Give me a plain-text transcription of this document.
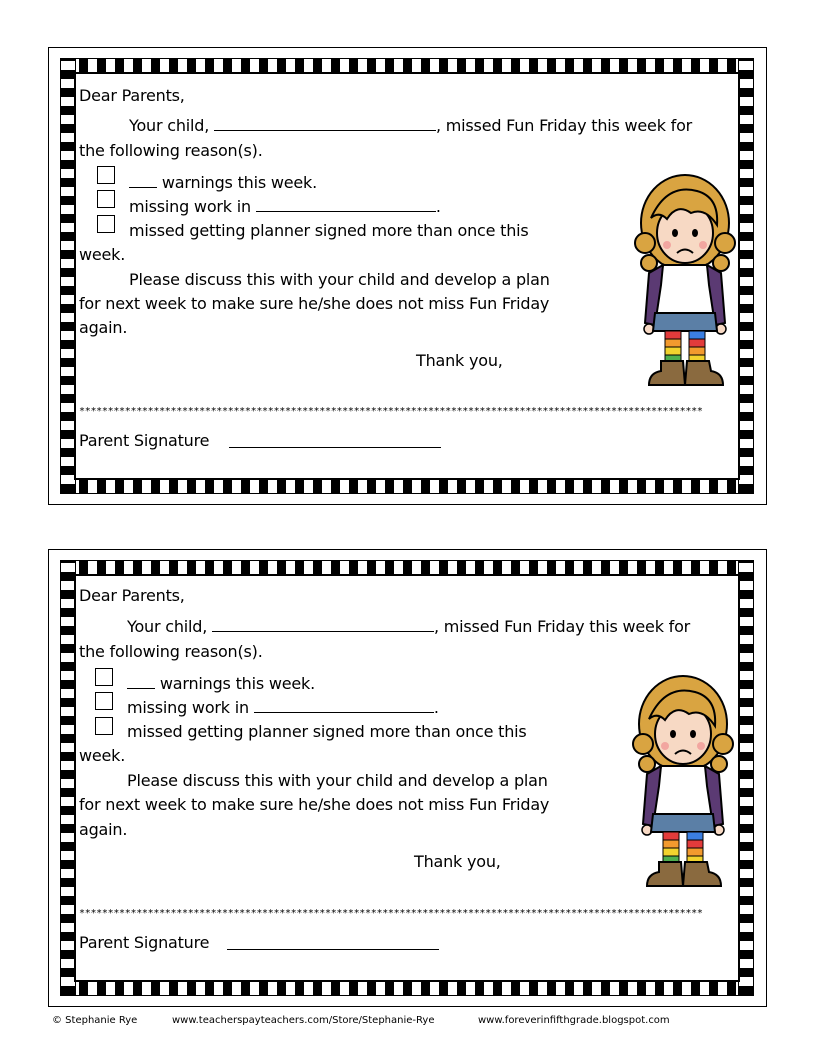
Dear Parents,
Your child,	, missed Fun Friday this week for
the following reason(s).
warnings this week.
missing work in	.
missed getting planner signed more than once this
week.
Please discuss this with your child and develop a plan
for next week to make sure he/she does not miss Fun Friday
again.
Thank you,
*************************************************************************************************************
Parent Signature
Dear Parents,
Your child,	, missed Fun Friday this week for
the following reason(s).
warnings this week.
missing work in	.
missed getting planner signed more than once this
week.
Please discuss this with your child and develop a plan
for next week to make sure he/she does not miss Fun Friday
again.
Thank you,
*************************************************************************************************************
Parent Signature
© Stephanie Rye	www.teacherspayteachers.com/Store/Stephanie-Rye	www.foreverinfifthgrade.blogspot.com
